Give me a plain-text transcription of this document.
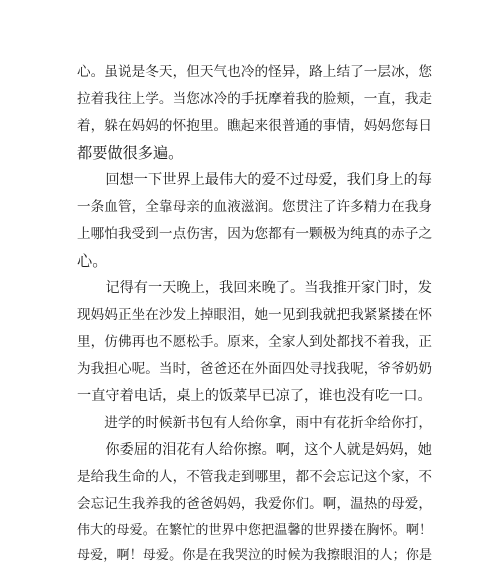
心。虽说是冬天，但天气也冷的怪异，路上结了一层冰，您
拉着我往上学。当您冰冷的手抚摩着我的脸颊，一直，我走
着，躲在妈妈的怀抱里。瞧起来很普通的事情，妈妈您每日
都要做很多遍。
　　回想一下世界上最伟大的爱不过母爱，我们身上的每
一条血管，全靠母亲的血液滋润。您贯注了许多精力在我身
上哪怕我受到一点伤害，因为您都有一颗极为纯真的赤子之
心。
　　记得有一天晚上，我回来晚了。当我推开家门时，发
现妈妈正坐在沙发上掉眼泪，她一见到我就把我紧紧搂在怀
里，仿佛再也不愿松手。原来，全家人到处都找不着我，正
为我担心呢。当时，爸爸还在外面四处寻找我呢，爷爷奶奶
一直守着电话，桌上的饭菜早已凉了，谁也没有吃一口。
　　进学的时候新书包有人给你拿，雨中有花折伞给你打，
　　你委屈的泪花有人给你擦。啊，这个人就是妈妈，她
是给我生命的人，不管我走到哪里，都不会忘记这个家，不
会忘记生我养我的爸爸妈妈，我爱你们。啊，温热的母爱，
伟大的母爱。在繁忙的世界中您把温馨的世界搂在胸怀。啊！
母爱，啊！母爱。你是在我哭泣的时候为我擦眼泪的人；你是
